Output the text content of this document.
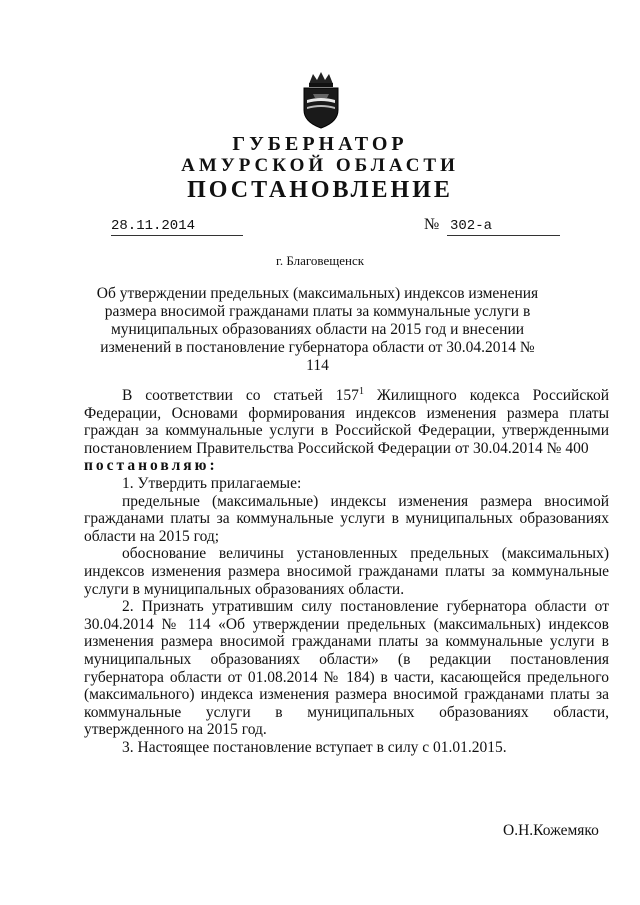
ГУБЕРНАТОР
АМУРСКОЙ ОБЛАСТИ
ПОСТАНОВЛЕНИЕ
28.11.2014	№ 302-а
г. Благовещенск
Об утверждении предельных (максимальных) индексов изменения размера вносимой гражданами платы за коммунальные услуги в муниципальных образованиях области на 2015 год и внесении изменений в постановление губернатора области от 30.04.2014 № 114

В соответствии со статьей $157^1$ Жилищного кодекса Российской Федерации, Основами формирования индексов изменения размера платы граждан за коммунальные услуги в Российской Федерации, утвержденными постановлением Правительства Российской Федерации от 30.04.2014 № 400

постановляю:

1. Утвердить прилагаемые:

предельные (максимальные) индексы изменения размера вносимой гражданами платы за коммунальные услуги в муниципальных образованиях области на 2015 год;

обоснование величины установленных предельных (максимальных) индексов изменения размера вносимой гражданами платы за коммунальные услуги в муниципальных образованиях области.

2. Признать утратившим силу постановление губернатора области от 30.04.2014 № 114 «Об утверждении предельных (максимальных) индексов изменения размера вносимой гражданами платы за коммунальные услуги в муниципальных образованиях области» (в редакции постановления губернатора области от 01.08.2014 № 184) в части, касающейся предельного (максимального) индекса изменения размера вносимой гражданами платы за коммунальные услуги в муниципальных образованиях области, утвержденного на 2015 год.

3. Настоящее постановление вступает в силу с 01.01.2015.

О.Н.Кожемяко
